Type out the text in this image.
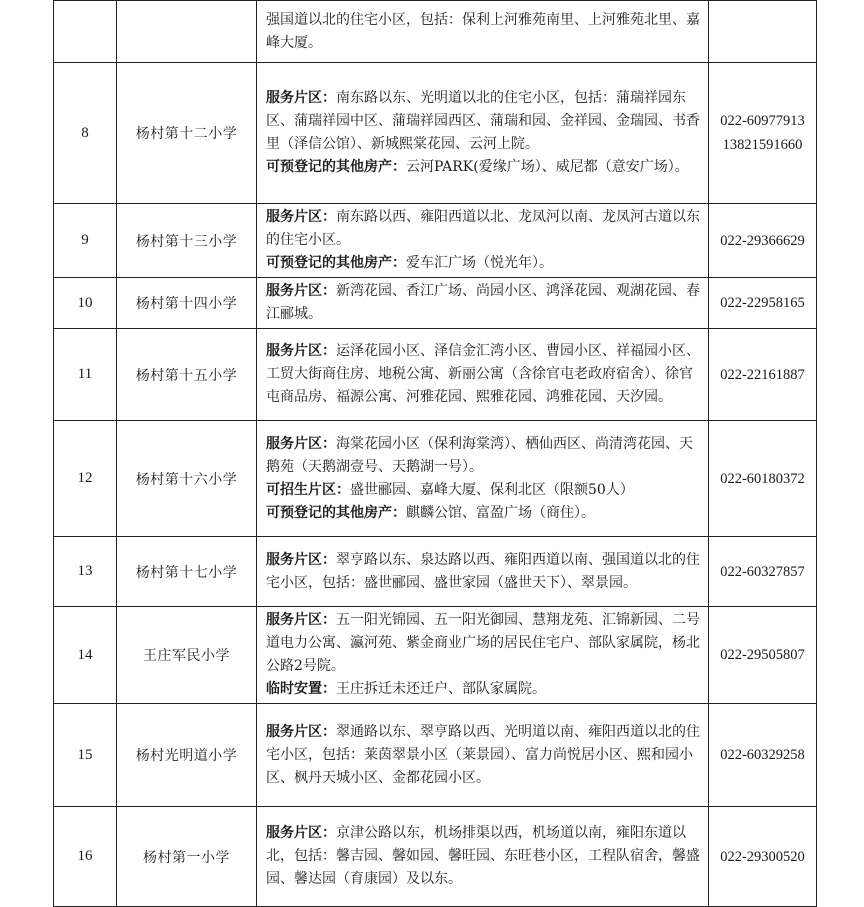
		强国道以北的住宅小区，包括：保利上河雅苑南里、上河雅苑北里、嘉峰大厦。	

8	杨村第十二小学	服务片区：南东路以东、光明道以北的住宅小区，包括：蒲瑞祥园东区、蒲瑞祥园中区、蒲瑞祥园西区、蒲瑞和园、金祥园、金瑞园、书香里（泽信公馆）、新城熙棠花园、云河上院。
可预登记的其他房产：云河PARK(爱缘广场）、威尼都（意安广场）。	022-60977913
13821591660

9	杨村第十三小学	服务片区：南东路以西、雍阳西道以北、龙凤河以南、龙凤河古道以东的住宅小区。
可预登记的其他房产：爱车汇广场（悦光年）。	022-29366629

10	杨村第十四小学	服务片区：新湾花园、香江广场、尚园小区、鸿泽花园、观湖花园、春江郦城。	022-22958165

11	杨村第十五小学	服务片区：运泽花园小区、泽信金汇湾小区、曹园小区、祥福园小区、工贸大街商住房、地税公寓、新丽公寓（含徐官屯老政府宿舍）、徐官屯商品房、福源公寓、河雅花园、熙雅花园、鸿雅花园、天汐园。	022-22161887

12	杨村第十六小学	服务片区：海棠花园小区（保利海棠湾）、栖仙西区、尚清湾花园、天鹅苑（天鹅湖壹号、天鹅湖一号）。
可招生片区：盛世郦园、嘉峰大厦、保利北区（限额50人）
可预登记的其他房产：麒麟公馆、富盈广场（商住）。	022-60180372

13	杨村第十七小学	服务片区：翠亨路以东、泉达路以西、雍阳西道以南、强国道以北的住宅小区，包括：盛世郦园、盛世家园（盛世天下）、翠景园。	022-60327857

14	王庄军民小学	服务片区：五一阳光锦园、五一阳光御园、慧翔龙苑、汇锦新园、二号道电力公寓、瀛河苑、紫金商业广场的居民住宅户、部队家属院，杨北公路2号院。
临时安置：王庄拆迁未还迁户、部队家属院。	022-29505807

15	杨村光明道小学	服务片区：翠通路以东、翠亨路以西、光明道以南、雍阳西道以北的住宅小区，包括：莱茵翠景小区（莱景园）、富力尚悦居小区、熙和园小区、枫丹天城小区、金都花园小区。	022-60329258

16	杨村第一小学	服务片区：京津公路以东，机场排渠以西，机场道以南，雍阳东道以北，包括：馨吉园、馨如园、馨旺园、东旺巷小区，工程队宿舍，馨盛园、馨达园（育康园）及以东。	022-29300520
